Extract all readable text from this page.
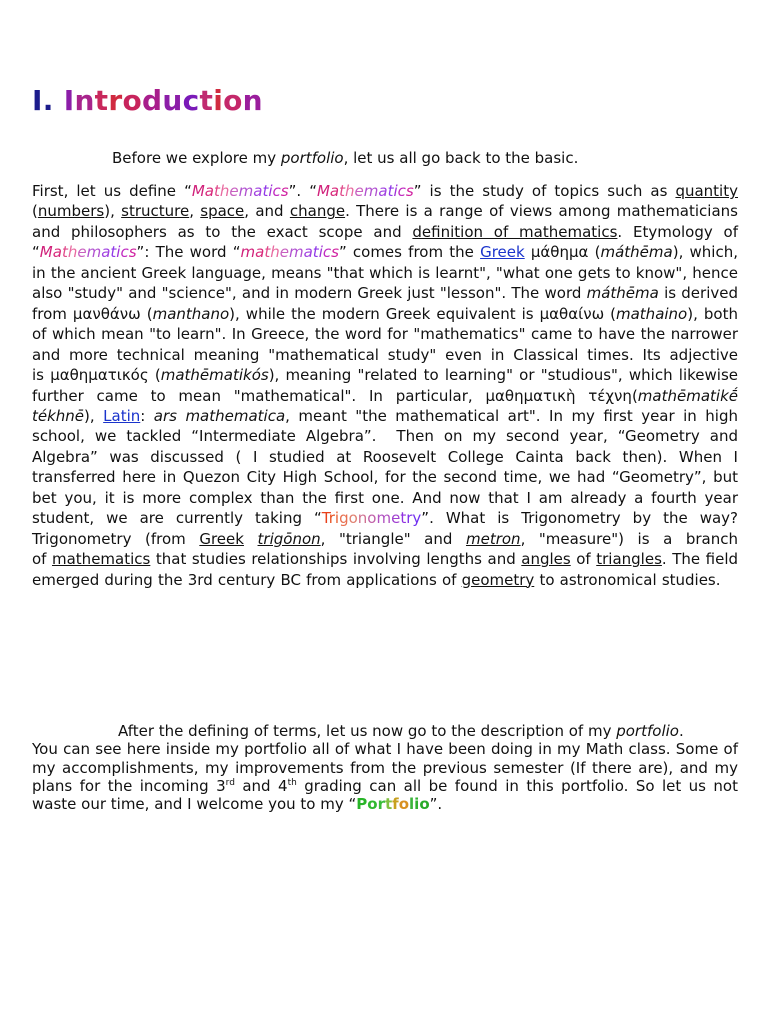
I. Introduction

Before we explore my portfolio, let us all go back to the basic.

First, let us define “Mathematics”. “Mathematics” is the study of topics such as quantity (numbers), structure, space, and change. There is a range of views among mathematicians and philosophers as to the exact scope and definition of mathematics. Etymology of “Mathematics”: The word “mathematics” comes from the Greek μάθημα (máthēma), which, in the ancient Greek language, means "that which is learnt", "what one gets to know", hence also "study" and "science", and in modern Greek just "lesson". The word máthēma is derived from μανθάνω (manthano), while the modern Greek equivalent is μαθαίνω (mathaino), both of which mean "to learn". In Greece, the word for "mathematics" came to have the narrower and more technical meaning "mathematical study" even in Classical times. Its adjective is μαθηματικός (mathēmatikós), meaning "related to learning" or "studious", which likewise further came to mean "mathematical". In particular, μαθηματικὴ τέχνη(mathēmatikḗ tékhnē), Latin: ars mathematica, meant "the mathematical art". In my first year in high school, we tackled “Intermediate Algebra”.  Then on my second year, “Geometry and Algebra” was discussed ( I studied at Roosevelt College Cainta back then). When I transferred here in Quezon City High School, for the second time, we had “Geometry”, but bet you, it is more complex than the first one. And now that I am already a fourth year student, we are currently taking “Trigonometry”. What is Trigonometry by the way? Trigonometry (from Greek trigōnon, "triangle" and metron, "measure") is a branch of mathematics that studies relationships involving lengths and angles of triangles. The field emerged during the 3rd century BC from applications of geometry to astronomical studies.

After the defining of terms, let us now go to the description of my portfolio.
You can see here inside my portfolio all of what I have been doing in my Math class. Some of my accomplishments, my improvements from the previous semester (If there are), and my plans for the incoming 3rd and 4th grading can all be found in this portfolio. So let us not waste our time, and I welcome you to my “Portfolio”.
